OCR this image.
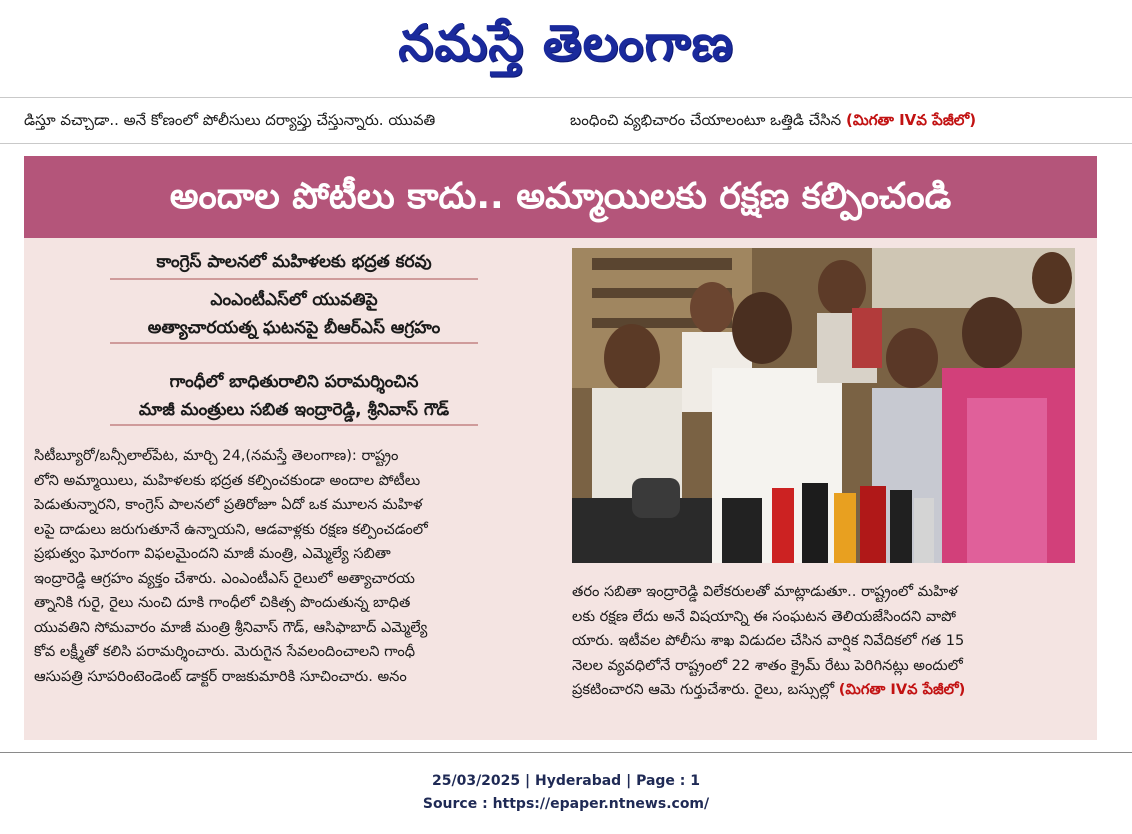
నమస్తే తెలంగాణ
డిస్తూ వచ్చాడా.. అనే కోణంలో పోలీసులు దర్యాప్తు చేస్తున్నారు. యువతి	బంధించి వ్యభిచారం చేయాలంటూ ఒత్తిడి చేసిన (మిగతా IVవ పేజీలో)
అందాల పోటీలు కాదు.. అమ్మాయిలకు రక్షణ కల్పించండి
కాంగ్రెస్ పాలనలో మహిళలకు భద్రత కరవు
ఎంఎంటీఎస్‌లో యువతిపై
అత్యాచారయత్న ఘటనపై బీఆర్ఎస్ ఆగ్రహం
గాంధీలో బాధితురాలిని పరామర్శించిన
మాజీ మంత్రులు సబిత ఇంద్రారెడ్డి, శ్రీనివాస్ గౌడ్

సిటీబ్యూరో/బన్సీలాల్‌పేట, మార్చి 24,(నమస్తే తెలంగాణ): రాష్ట్రం

లోని అమ్మాయిలు, మహిళలకు భద్రత కల్పించకుండా అందాల పోటీలు

పెడుతున్నారని, కాంగ్రెస్ పాలనలో ప్రతిరోజూ ఏదో ఒక మూలన మహిళ

లపై దాడులు జరుగుతూనే ఉన్నాయని, ఆడవాళ్లకు రక్షణ కల్పించడంలో

ప్రభుత్వం ఘోరంగా విఫలమైందని మాజీ మంత్రి, ఎమ్మెల్యే సబితా

ఇంద్రారెడ్డి ఆగ్రహం వ్యక్తం చేశారు. ఎంఎంటీఎస్ రైలులో అత్యాచారయ

త్నానికి గురై, రైలు నుంచి దూకి గాంధీలో చికిత్స పొందుతున్న బాధిత

యువతిని సోమవారం మాజీ మంత్రి శ్రీనివాస్ గౌడ్, ఆసిఫాబాద్ ఎమ్మెల్యే

కోవ లక్ష్మీతో కలిసి పరామర్శించారు. మెరుగైన సేవలందించాలని గాంధీ

ఆసుపత్రి సూపరింటెండెంట్ డాక్టర్ రాజకుమారికి సూచించారు. అనం

తరం సబితా ఇంద్రారెడ్డి విలేకరులతో మాట్లాడుతూ.. రాష్ట్రంలో మహిళ

లకు రక్షణ లేదు అనే విషయాన్ని ఈ సంఘటన తెలియజేసిందని వాపో

యారు. ఇటీవల పోలీసు శాఖ విడుదల చేసిన వార్షిక నివేదికలో గత 15

నెలల వ్యవధిలోనే రాష్ట్రంలో 22 శాతం క్రైమ్ రేటు పెరిగినట్లు అందులో

ప్రకటించారని ఆమె గుర్తుచేశారు. రైలు, బస్సుల్లో (మిగతా IVవ పేజీలో)

25/03/2025 | Hyderabad | Page : 1
Source : https://epaper.ntnews.com/
